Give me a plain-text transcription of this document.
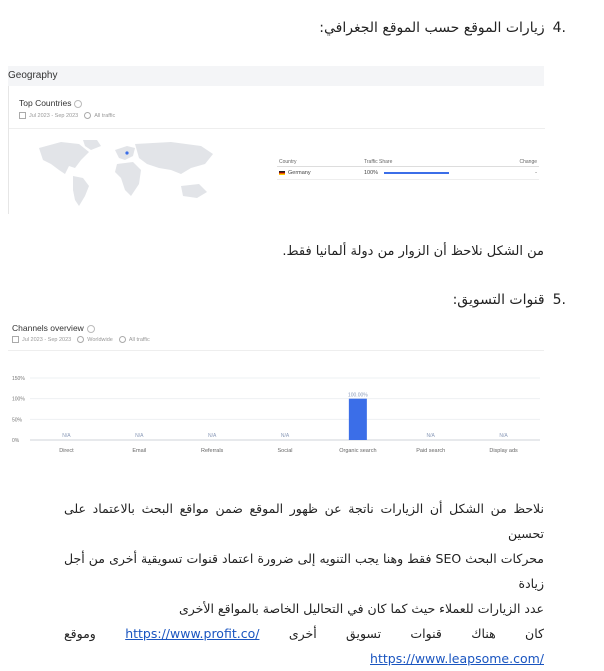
.4زيارات الموقع حسب الموقع الجغرافي:
Geography
Top Countries
Jul 2023 - Sep 2023	All traffic
Country	Traffic Share	Change
Germany	100%	-
من الشكل نلاحظ أن الزوار من دولة ألمانيا فقط.
.5قنوات التسويق:
Channels overview
Jul 2023 - Sep 2023	Worldwide	All traffic
150%
100%
50%
0%
N/A
Direct
N/A
Email
N/A
Referrals
N/A
Social
100.00%
Organic search
N/A
Paid search
N/A
Display ads
نلاحظ من الشكل أن الزيارات ناتجة عن ظهور الموقع ضمن مواقع البحث بالاعتماد على تحسين
محركات البحث SEO فقط وهنا يجب التنويه إلى ضرورة اعتماد قنوات تسويقية أخرى من أجل زيادة
عدد الزيارات للعملاء حيث كما كان في التحاليل الخاصة بالمواقع الأخرى
كان هناك قنوات تسويق أخرى https://www.profit.co/ وموقع https://www.leapsome.com/
